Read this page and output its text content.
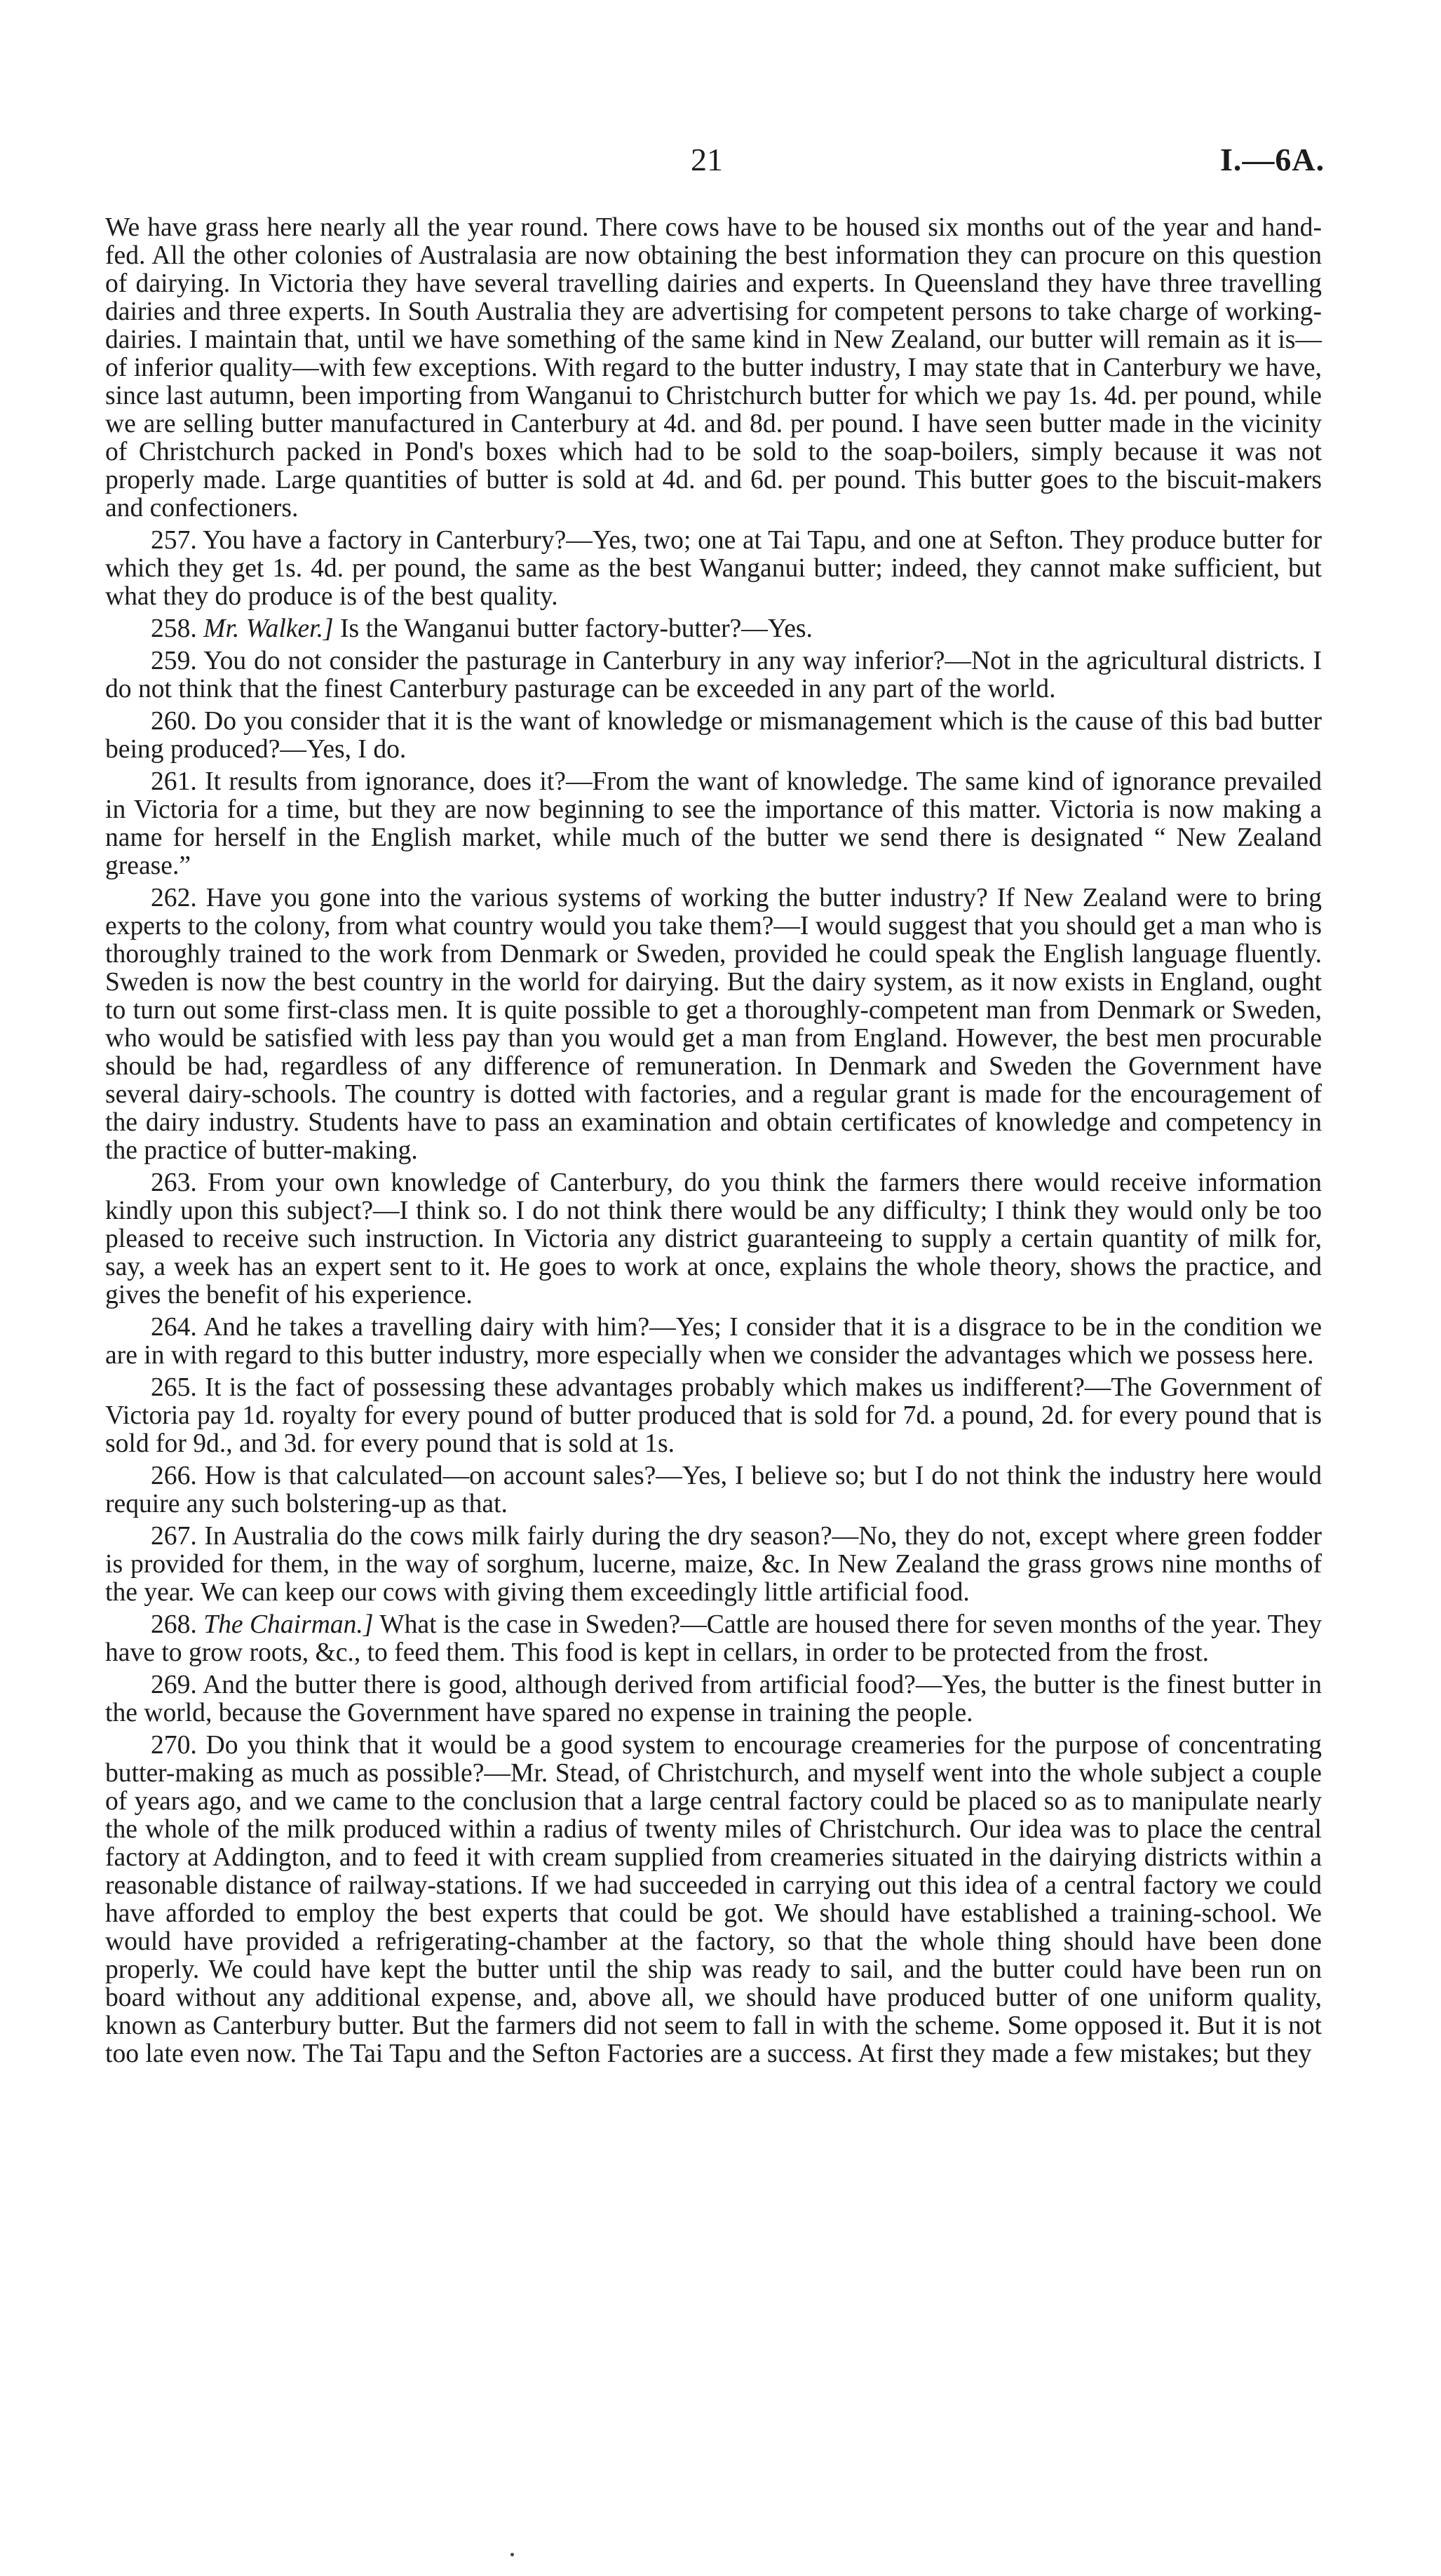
21	I.—6A.

We have grass here nearly all the year round. There cows have to be housed six months out of the year and hand-fed. All the other colonies of Australasia are now obtaining the best information they can procure on this question of dairying. In Victoria they have several travelling dairies and experts. In Queensland they have three travelling dairies and three experts. In South Australia they are advertising for competent persons to take charge of working-dairies. I maintain that, until we have something of the same kind in New Zealand, our butter will remain as it is—of inferior quality—with few exceptions. With regard to the butter industry, I may state that in Canterbury we have, since last autumn, been importing from Wanganui to Christchurch butter for which we pay 1s. 4d. per pound, while we are selling butter manufactured in Canterbury at 4d. and 8d. per pound. I have seen butter made in the vicinity of Christchurch packed in Pond's boxes which had to be sold to the soap-boilers, simply because it was not properly made. Large quantities of butter is sold at 4d. and 6d. per pound. This butter goes to the biscuit-makers and confectioners.

257. You have a factory in Canterbury?—Yes, two; one at Tai Tapu, and one at Sefton. They produce butter for which they get 1s. 4d. per pound, the same as the best Wanganui butter; indeed, they cannot make sufficient, but what they do produce is of the best quality.

258. Mr. Walker.] Is the Wanganui butter factory-butter?—Yes.

259. You do not consider the pasturage in Canterbury in any way inferior?—Not in the agricultural districts. I do not think that the finest Canterbury pasturage can be exceeded in any part of the world.

260. Do you consider that it is the want of knowledge or mismanagement which is the cause of this bad butter being produced?—Yes, I do.

261. It results from ignorance, does it?—From the want of knowledge. The same kind of ignorance prevailed in Victoria for a time, but they are now beginning to see the importance of this matter. Victoria is now making a name for herself in the English market, while much of the butter we send there is designated “ New Zealand grease.”

262. Have you gone into the various systems of working the butter industry? If New Zealand were to bring experts to the colony, from what country would you take them?—I would suggest that you should get a man who is thoroughly trained to the work from Denmark or Sweden, provided he could speak the English language fluently. Sweden is now the best country in the world for dairying. But the dairy system, as it now exists in England, ought to turn out some first-class men. It is quite possible to get a thoroughly-competent man from Denmark or Sweden, who would be satisfied with less pay than you would get a man from England. However, the best men procurable should be had, regardless of any difference of remuneration. In Denmark and Sweden the Government have several dairy-schools. The country is dotted with factories, and a regular grant is made for the encouragement of the dairy industry. Students have to pass an examination and obtain certificates of knowledge and competency in the practice of butter-making.

263. From your own knowledge of Canterbury, do you think the farmers there would receive information kindly upon this subject?—I think so. I do not think there would be any difficulty; I think they would only be too pleased to receive such instruction. In Victoria any district guaranteeing to supply a certain quantity of milk for, say, a week has an expert sent to it. He goes to work at once, explains the whole theory, shows the practice, and gives the benefit of his experience.

264. And he takes a travelling dairy with him?—Yes; I consider that it is a disgrace to be in the condition we are in with regard to this butter industry, more especially when we consider the advantages which we possess here.

265. It is the fact of possessing these advantages probably which makes us indifferent?—The Government of Victoria pay 1d. royalty for every pound of butter produced that is sold for 7d. a pound, 2d. for every pound that is sold for 9d., and 3d. for every pound that is sold at 1s.

266. How is that calculated—on account sales?—Yes, I believe so; but I do not think the industry here would require any such bolstering-up as that.

267. In Australia do the cows milk fairly during the dry season?—No, they do not, except where green fodder is provided for them, in the way of sorghum, lucerne, maize, &c. In New Zealand the grass grows nine months of the year. We can keep our cows with giving them exceedingly little artificial food.

268. The Chairman.] What is the case in Sweden?—Cattle are housed there for seven months of the year. They have to grow roots, &c., to feed them. This food is kept in cellars, in order to be protected from the frost.

269. And the butter there is good, although derived from artificial food?—Yes, the butter is the finest butter in the world, because the Government have spared no expense in training the people.

270. Do you think that it would be a good system to encourage creameries for the purpose of concentrating butter-making as much as possible?—Mr. Stead, of Christchurch, and myself went into the whole subject a couple of years ago, and we came to the conclusion that a large central factory could be placed so as to manipulate nearly the whole of the milk produced within a radius of twenty miles of Christchurch. Our idea was to place the central factory at Addington, and to feed it with cream supplied from creameries situated in the dairying districts within a reasonable distance of railway-stations. If we had succeeded in carrying out this idea of a central factory we could have afforded to employ the best experts that could be got. We should have established a training-school. We would have provided a refrigerating-chamber at the factory, so that the whole thing should have been done properly. We could have kept the butter until the ship was ready to sail, and the butter could have been run on board without any additional expense, and, above all, we should have produced butter of one uniform quality, known as Canterbury butter. But the farmers did not seem to fall in with the scheme. Some opposed it. But it is not too late even now. The Tai Tapu and the Sefton Factories are a success. At first they made a few mistakes; but they
